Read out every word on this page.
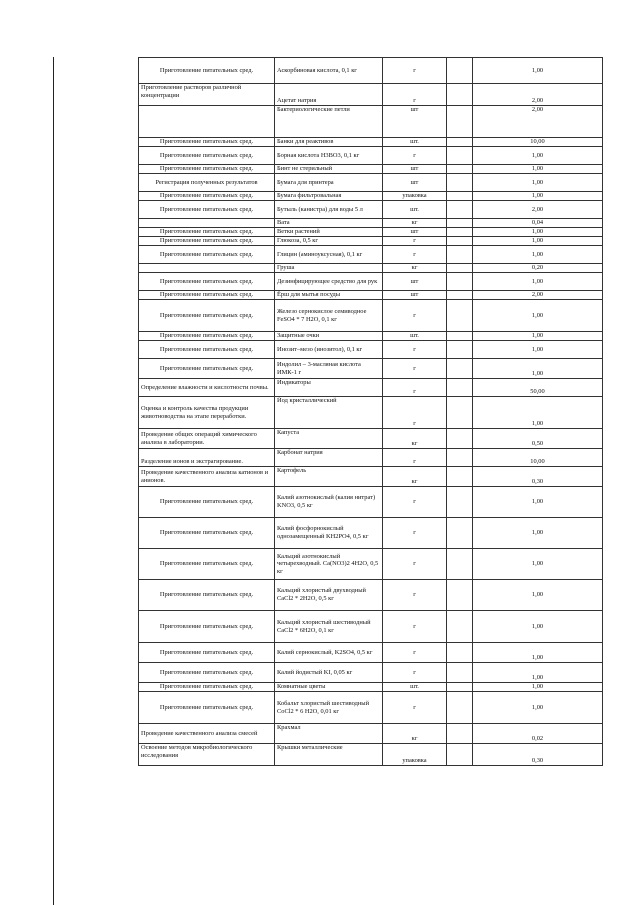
Приготовление питательных сред.	Аскорбиновая кислота, 0,1 кг	г		1,00
Приготовление растворов различной концентрации	Ацетат натрия	г		2,00
	Бактериологические петли	шт		2,00
Приготовление питательных сред.	Банки для реактивов	шт.		10,00
Приготовление питательных сред.	Борная кислота H3BO3, 0,1 кг	г		1,00
Приготовление питательных сред.	Бинт не стерильный	шт		1,00
Регистрация полученных результатов	Бумага для принтера	шт		1,00
Приготовление питательных сред.	Бумага фильтровальная	упаковка		1,00
Приготовление питательных сред.	Бутыль (канистра) для воды 5 л	шт.		2,00
	Вата	кг		0,04
Приготовление питательных сред.	Ветки растений	шт		1,00
Приготовление питательных сред.	Глюкоза, 0,5 кг	г		1,00
Приготовление питательных сред.	Глицин (аминоуксусная), 0,1 кг	г		1,00
	Груша	кг		0,20
Приготовление питательных сред.	Дезинфицирующее средство для рук	шт		1,00
Приготовление питательных сред.	Ёрш для мытья посуды	шт		2,00
Приготовление питательных сред.	Железо сернокислое семиводное FeSO4 * 7 H2O, 0,1 кг	г		1,00
Приготовление питательных сред.	Защитные очки	шт.		1,00
Приготовление питательных сред.	Инозит–мезо (инозитол), 0,1 кг	г		1,00
Приготовление питательных сред.	Индолил – 3-масляная кислота ИМК-1 г	г		1,00
Определение влажности и кислотности почвы.	Индикаторы	г		50,00
Оценка и контроль качества продукции животноводства на этапе переработки.	Йод кристаллический	г		1,00
Проведение общих операций химического анализа в лаборатории.	Капуста	кг		0,50
Разделение ионов и экстрагирование.	Карбонат натрия	г		10,00
Проведение качественного анализа катионов и анионов.	Картофель	кг		0,30
Приготовление питательных сред.	Калий азотнокислый (калия нитрат) KNO3, 0,5 кг	г		1,00
Приготовление питательных сред.	Калий фосфорнокислый однозамещенный KH2PO4, 0,5 кг	г		1,00
Приготовление питательных сред.	Кальций азотнокислый четырехводный. Ca(NO3)2 4H2O, 0,5 кг	г		1,00
Приготовление питательных сред.	Кальций хлористый двухводный CaCl2 * 2H2O, 0,5 кг	г		1,00
Приготовление питательных сред.	Кальций хлористый шестиводный CaCl2 * 6H2O, 0,1 кг	г		1,00
Приготовление питательных сред.	Калий сернокислый, K2SO4, 0,5 кг	г		1,00
Приготовление питательных сред.	Калий йодистый KI, 0,05 кг	г		1,00
Приготовление питательных сред.	Комнатные цветы	шт.		1,00
Приготовление питательных сред.	Кобальт хлористый шестиводный CoCl2 * 6 H2O, 0,01 кг	г		1,00
Проведение качественного анализа смесей	Крахмал	кг		0,02
Освоение методов микробиологического исследования	Крышки металлические	упаковка		0,30
